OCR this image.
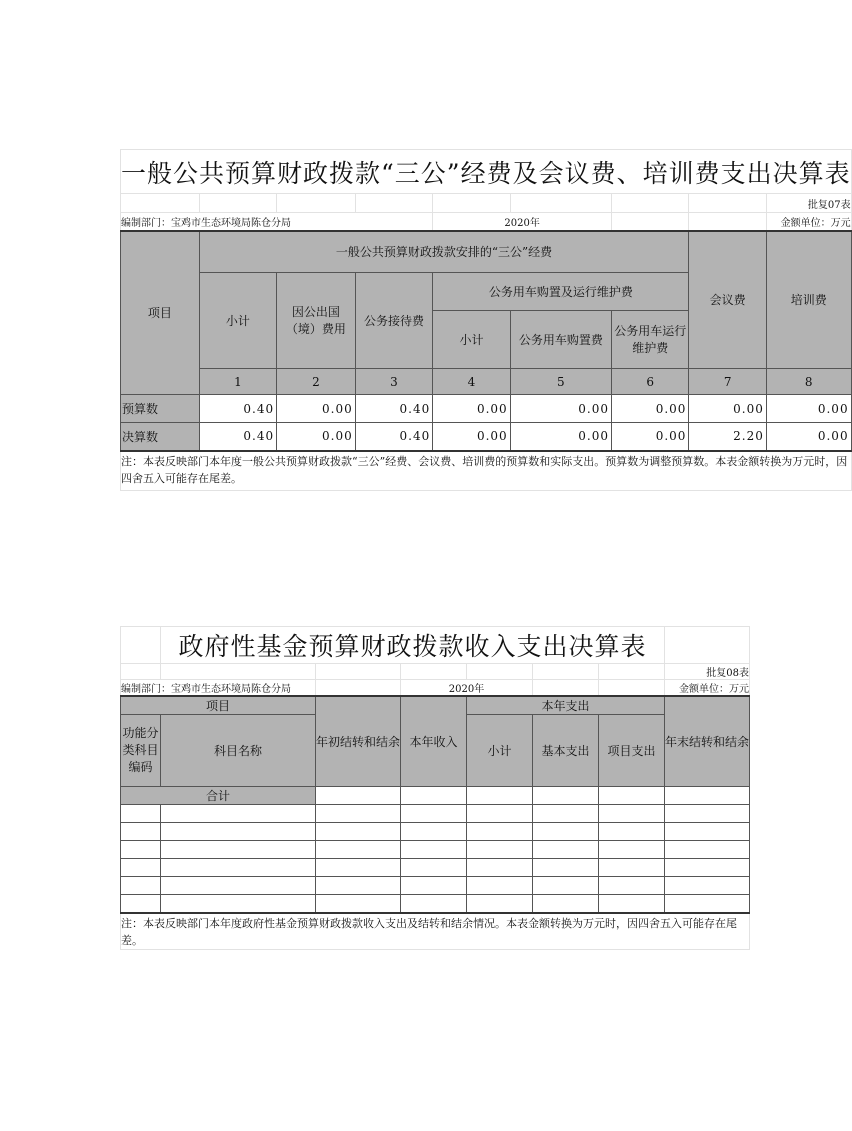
一般公共预算财政拨款“三公”经费及会议费、培训费支出决算表								
								批复07表
编制部门：宝鸡市生态环境局陈仓分局				2020年				金额单位：万元
项目	一般公共预算财政拨款安排的“三公”经费						会议费	培训费
	小计	因公出国（境）费用	公务接待费	公务用车购置及运行维护费				
				小计	公务用车购置费	公务用车运行维护费		
	1	2	3	4	5	6	7	8
预算数	0.40	0.00	0.40	0.00	0.00	0.00	0.00	0.00
决算数	0.40	0.00	0.40	0.00	0.00	0.00	2.20	0.00
注：本表反映部门本年度一般公共预算财政拨款“三公”经费、会议费、培训费的预算数和实际支出。预算数为调整预算数。本表金额转换为万元时，因四舍五入可能存在尾差。								
	政府性基金预算财政拨款收入支出决算表						
							批复08表
编制部门：宝鸡市生态环境局陈仓分局			2020年				金额单位：万元
项目		年初结转和结余	本年收入	本年支出			年末结转和结余
功能分类科目编码	科目名称			小计	基本支出	项目支出	
合计							

注：本表反映部门本年度政府性基金预算财政拨款收入支出及结转和结余情况。本表金额转换为万元时，因四舍五入可能存在尾差。							
